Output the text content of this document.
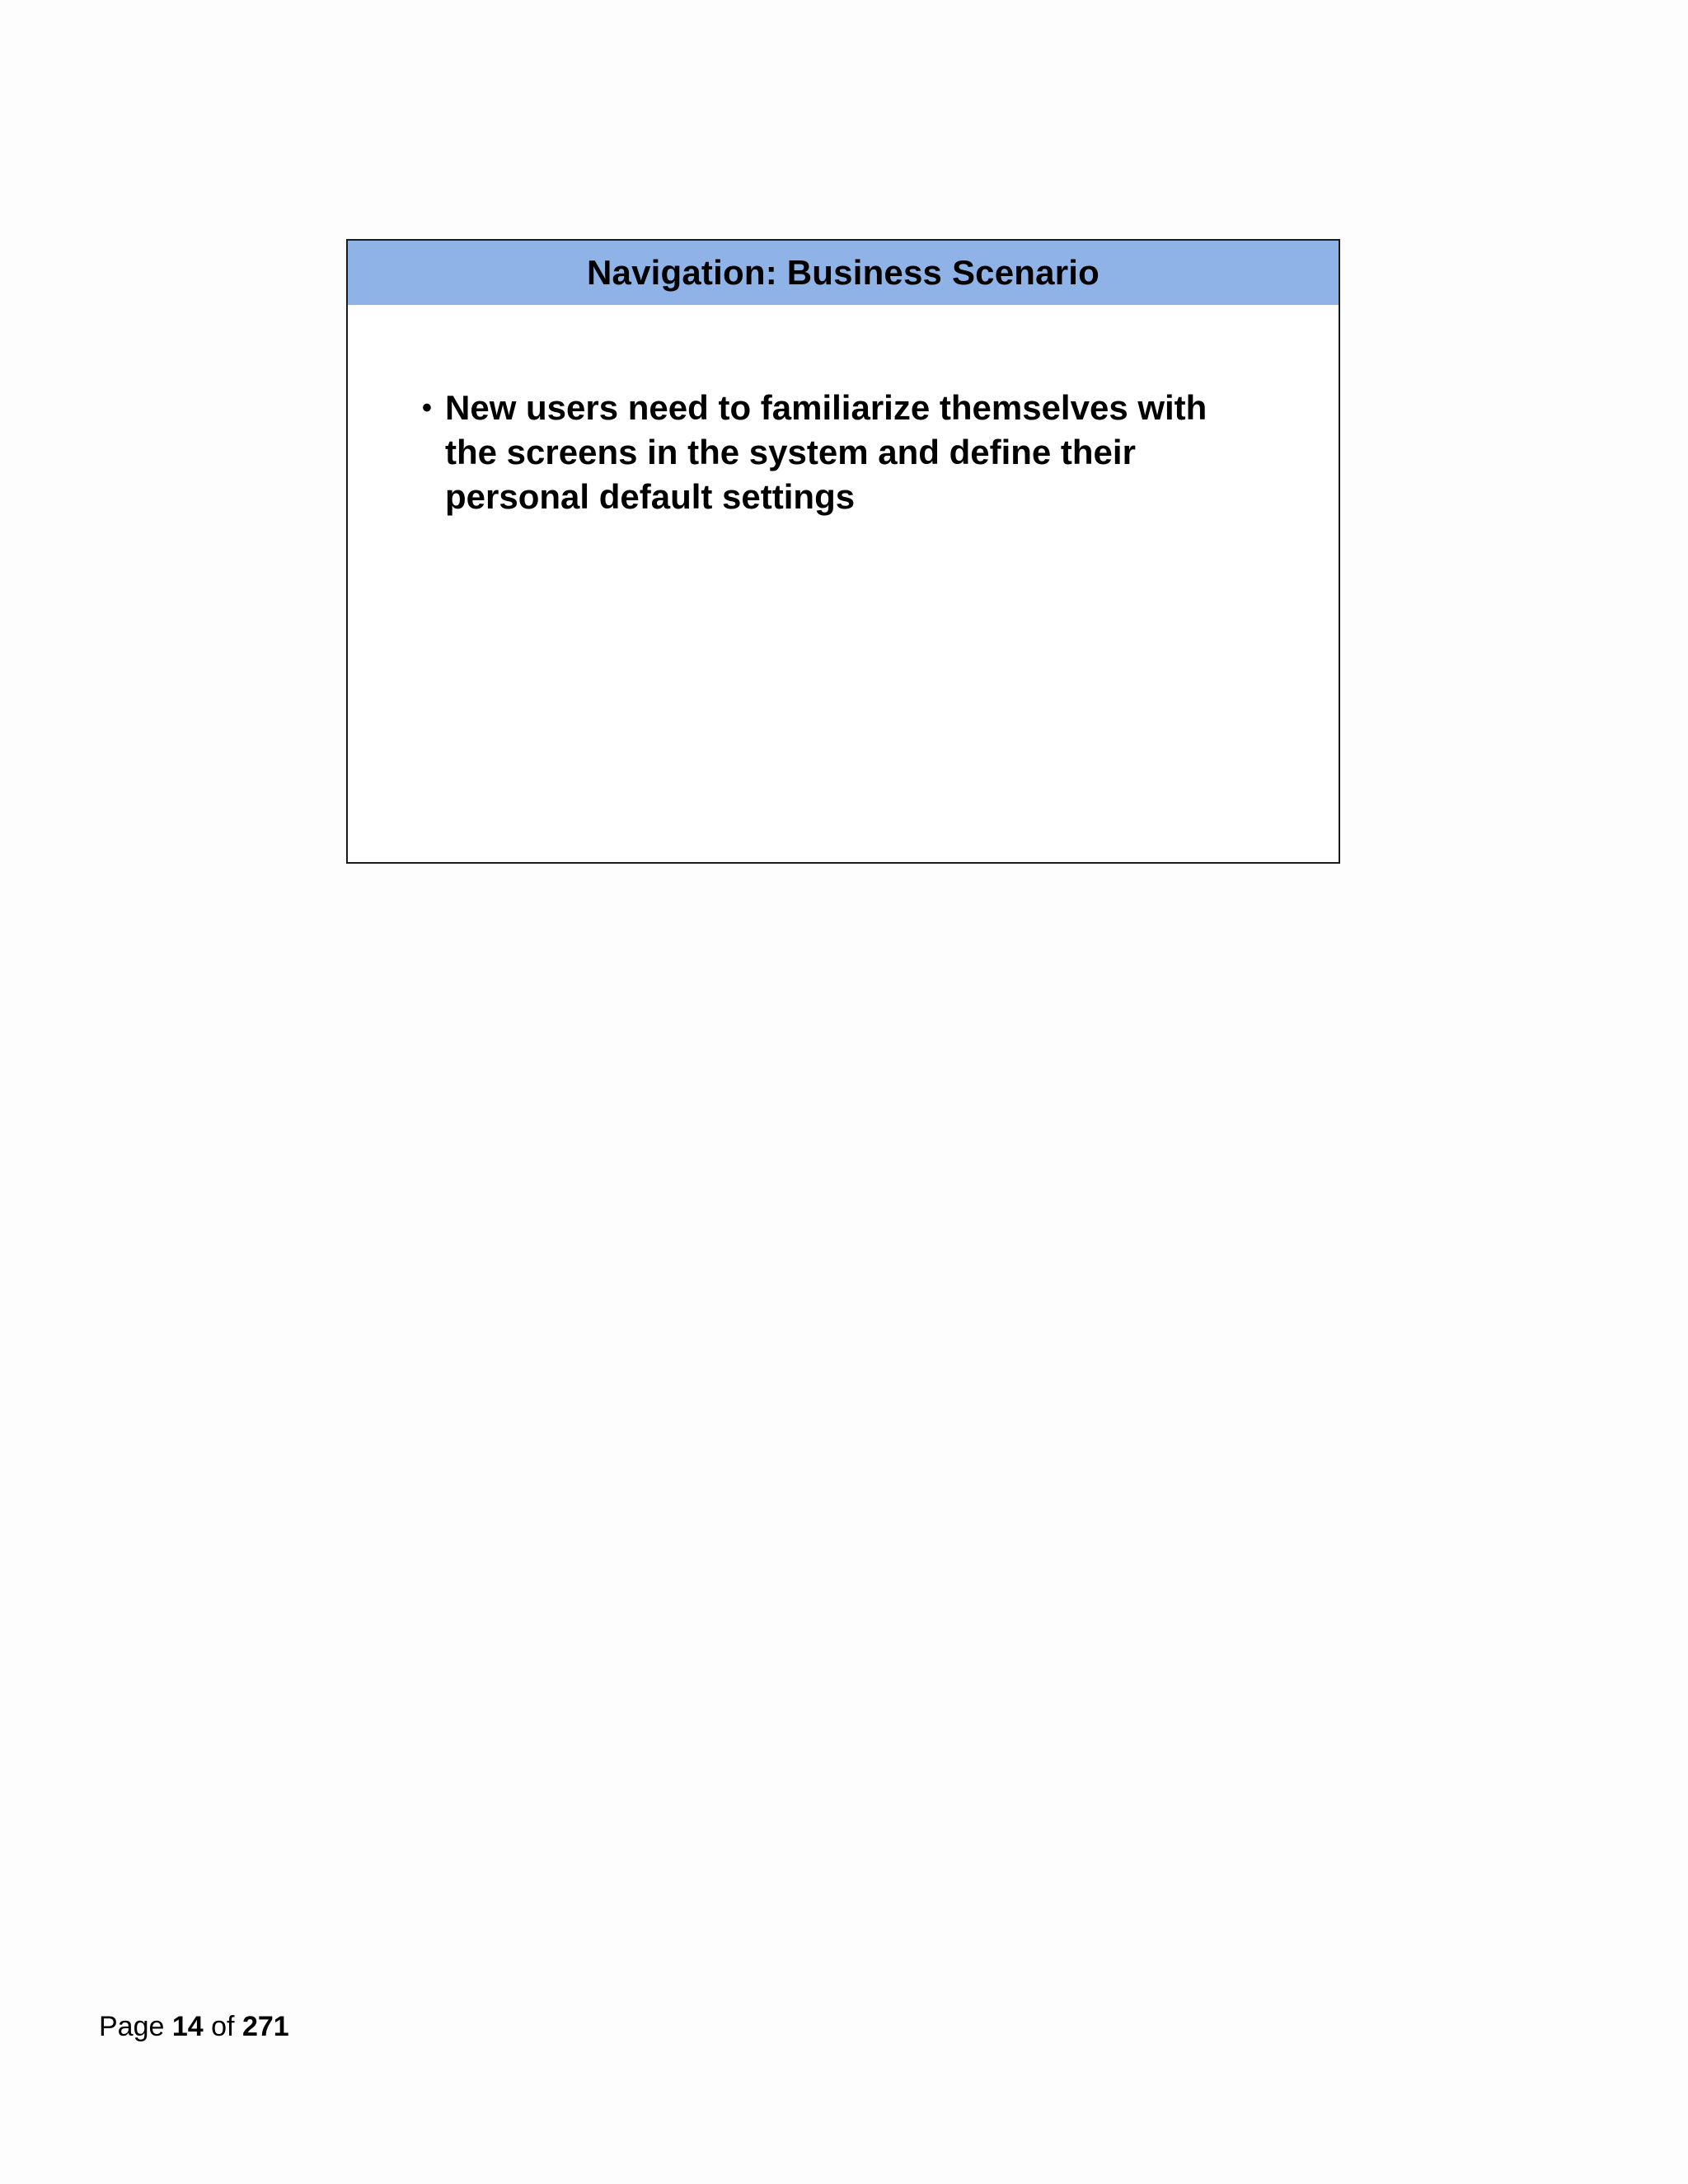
Navigation: Business Scenario
• New users need to familiarize themselves with the screens in the system and define their personal default settings
Page 14 of 271
